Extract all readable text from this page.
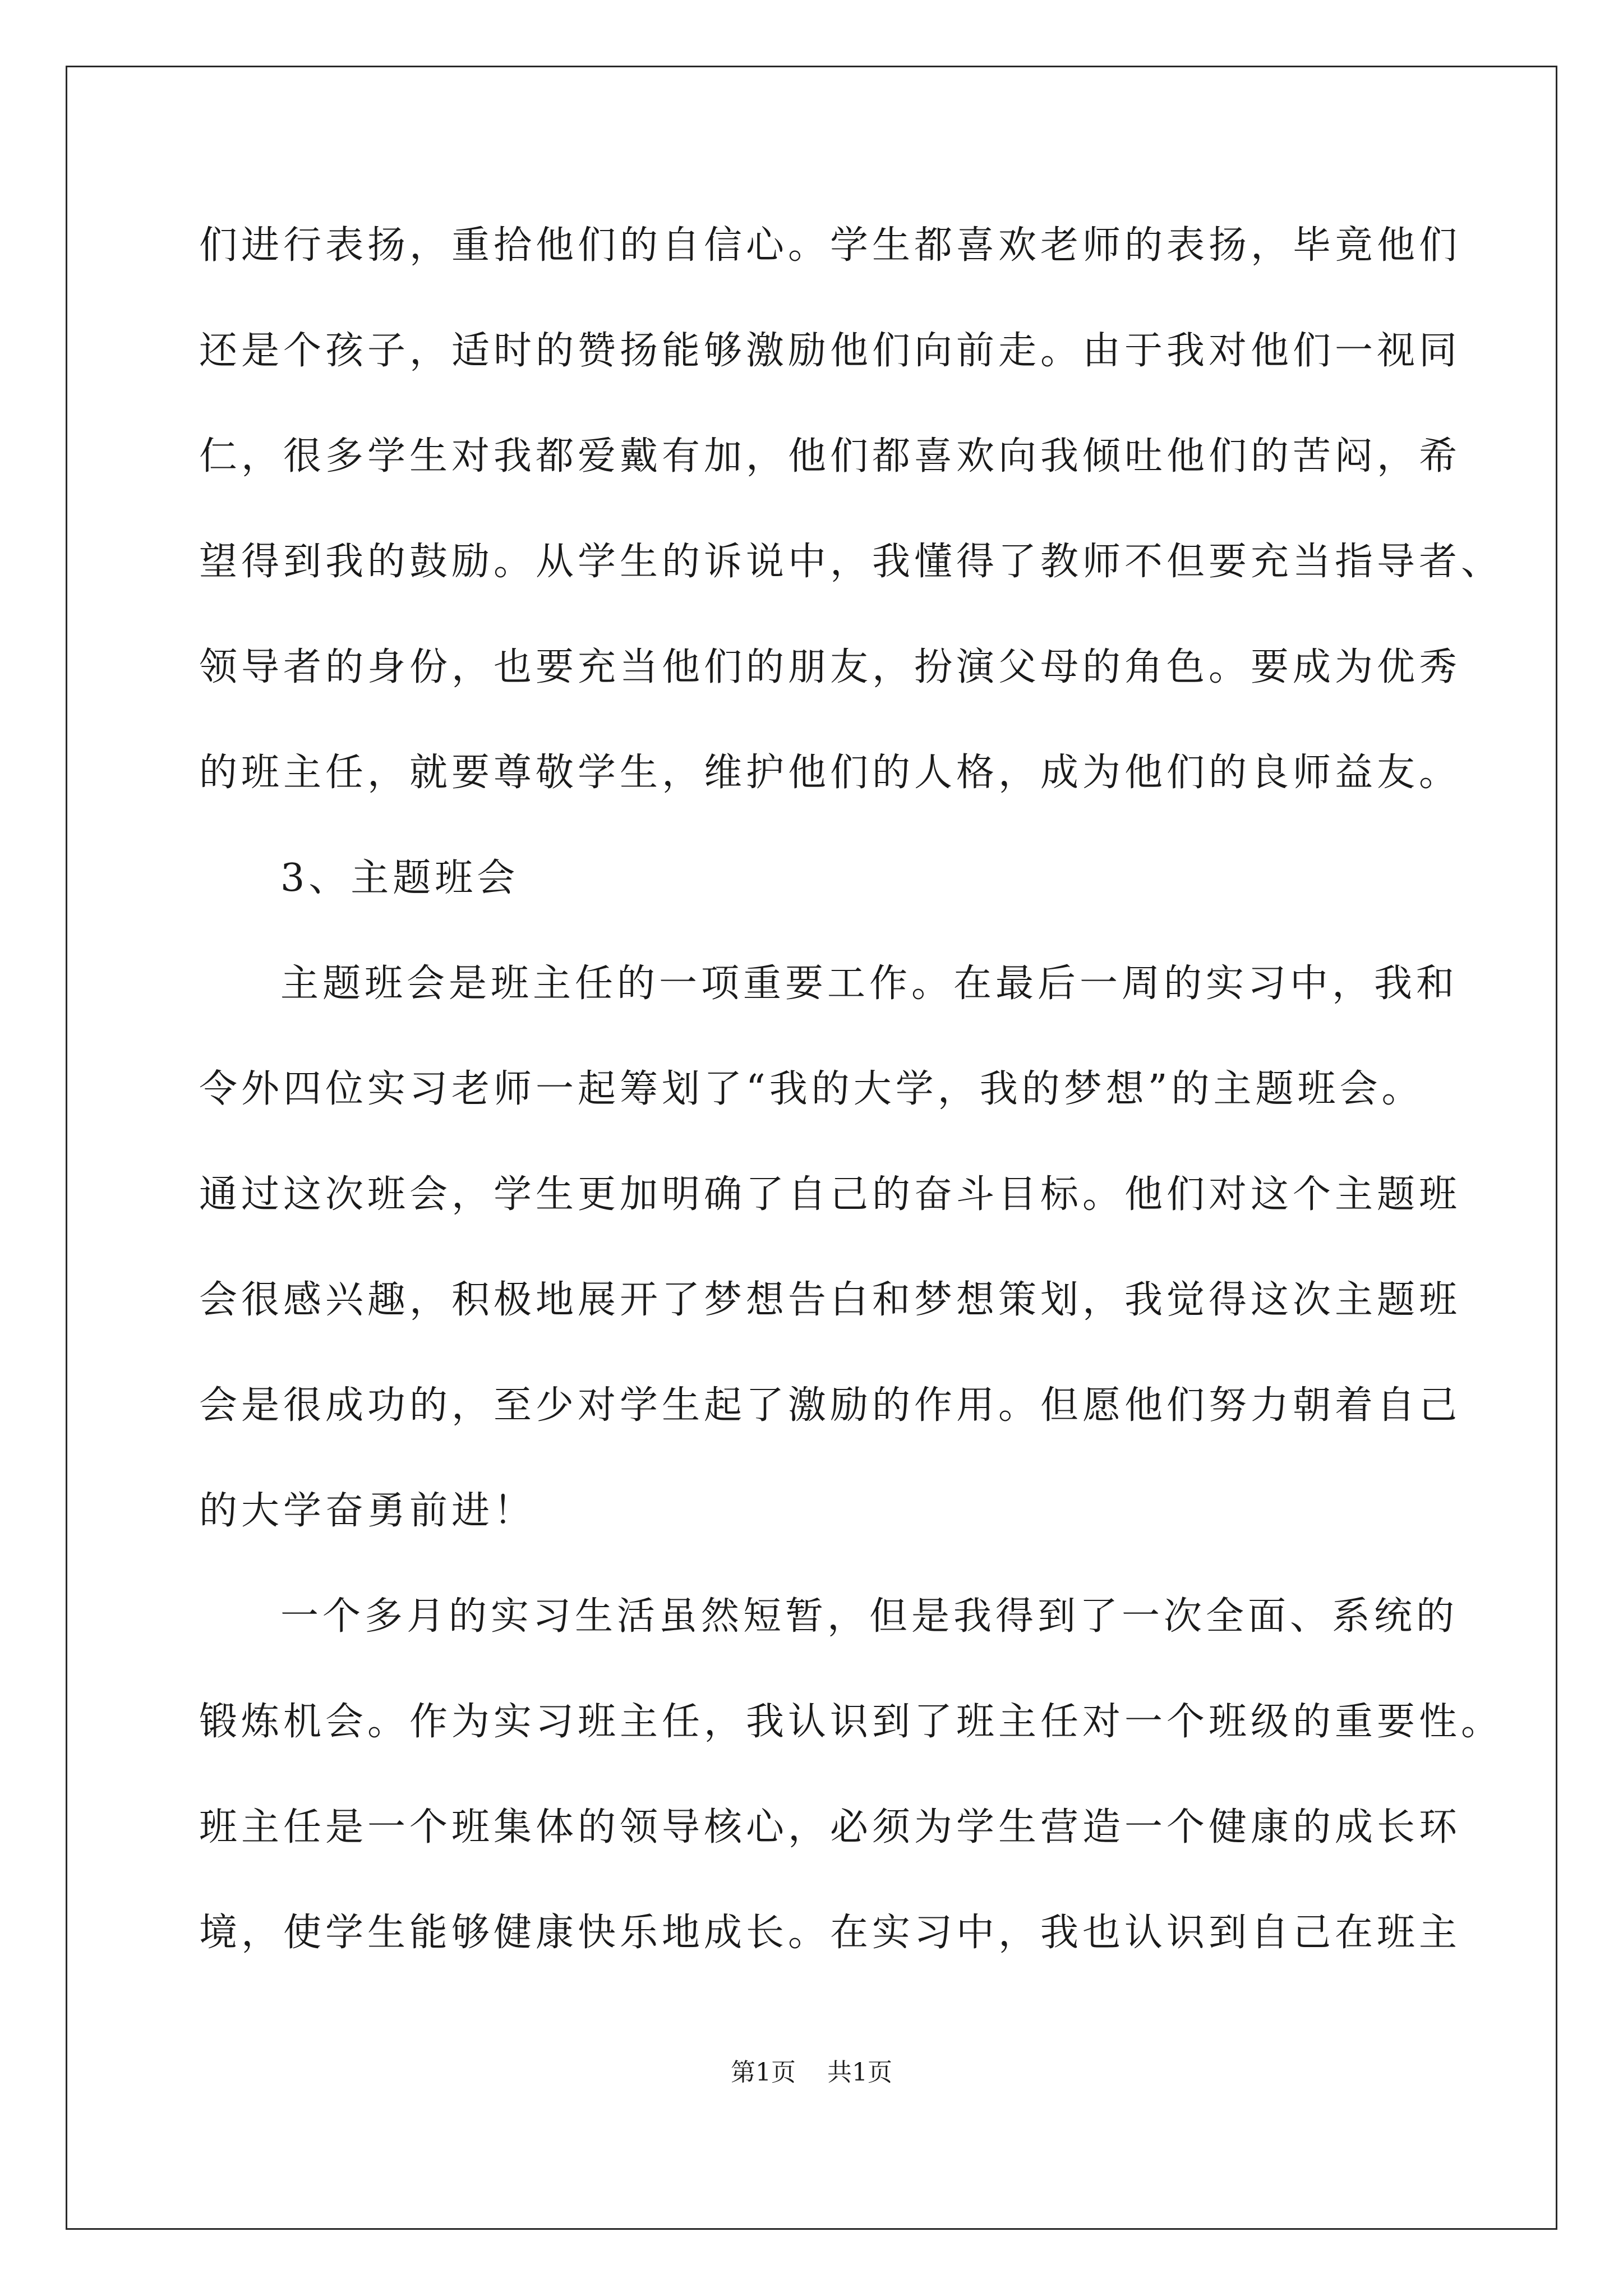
们进行表扬，重拾他们的自信心。学生都喜欢老师的表扬，毕竟他们
还是个孩子，适时的赞扬能够激励他们向前走。由于我对他们一视同
仁，很多学生对我都爱戴有加，他们都喜欢向我倾吐他们的苦闷，希
望得到我的鼓励。从学生的诉说中，我懂得了教师不但要充当指导者、
领导者的身份，也要充当他们的朋友，扮演父母的角色。要成为优秀
的班主任，就要尊敬学生，维护他们的人格，成为他们的良师益友。
3、主题班会
主题班会是班主任的一项重要工作。在最后一周的实习中，我和
令外四位实习老师一起筹划了“我的大学，我的梦想”的主题班会。
通过这次班会，学生更加明确了自己的奋斗目标。他们对这个主题班
会很感兴趣，积极地展开了梦想告白和梦想策划，我觉得这次主题班
会是很成功的，至少对学生起了激励的作用。但愿他们努力朝着自己
的大学奋勇前进！
一个多月的实习生活虽然短暂，但是我得到了一次全面、系统的
锻炼机会。作为实习班主任，我认识到了班主任对一个班级的重要性。
班主任是一个班集体的领导核心，必须为学生营造一个健康的成长环
境，使学生能够健康快乐地成长。在实习中，我也认识到自己在班主
第1页 共1页
